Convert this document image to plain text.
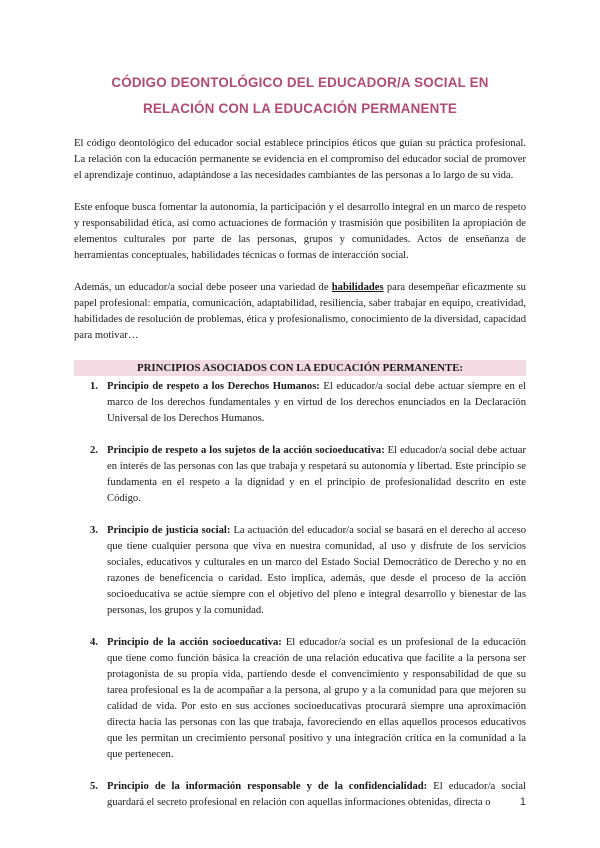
CÓDIGO DEONTOLÓGICO DEL EDUCADOR/A SOCIAL EN
RELACIÓN CON LA EDUCACIÓN PERMANENTE

El código deontológico del educador social establece principios éticos que guían su práctica profesional. La relación con la educación permanente se evidencia en el compromiso del educador social de promover el aprendizaje continuo, adaptándose a las necesidades cambiantes de las personas a lo largo de su vida.

Este enfoque busca fomentar la autonomía, la participación y el desarrollo integral en un marco de respeto y responsabilidad ética, así como actuaciones de formación y trasmisión que posibiliten la apropiación de elementos culturales por parte de las personas, grupos y comunidades. Actos de enseñanza de herramientas conceptuales, habilidades técnicas o formas de interacción social.

Además, un educador/a social debe poseer una variedad de habilidades para desempeñar eficazmente su papel profesional: empatía, comunicación, adaptabilidad, resiliencia, saber trabajar en equipo, creatividad, habilidades de resolución de problemas, ética y profesionalismo, conocimiento de la diversidad, capacidad para motivar…

PRINCIPIOS ASOCIADOS CON LA EDUCACIÓN PERMANENTE:
1. Principio de respeto a los Derechos Humanos: El educador/a social debe actuar siempre en el marco de los derechos fundamentales y en virtud de los derechos enunciados en la Declaración Universal de los Derechos Humanos.
2. Principio de respeto a los sujetos de la acción socioeducativa: El educador/a social debe actuar en interés de las personas con las que trabaja y respetará su autonomía y libertad. Este principio se fundamenta en el respeto a la dignidad y en el principio de profesionalidad descrito en este Código.
3. Principio de justicia social: La actuación del educador/a social se basará en el derecho al acceso que tiene cualquier persona que viva en nuestra comunidad, al uso y disfrute de los servicios sociales, educativos y culturales en un marco del Estado Social Democrático de Derecho y no en razones de beneficencia o caridad. Esto implica, además, que desde el proceso de la acción socioeducativa se actúe siempre con el objetivo del pleno e integral desarrollo y bienestar de las personas, los grupos y la comunidad.
4. Principio de la acción socioeducativa: El educador/a social es un profesional de la educación que tiene como función básica la creación de una relación educativa que facilite a la persona ser protagonista de su propia vida, partiendo desde el convencimiento y responsabilidad de que su tarea profesional es la de acompañar a la persona, al grupo y a la comunidad para que mejoren su calidad de vida. Por esto en sus acciones socioeducativas procurará siempre una aproximación directa hacia las personas con las que trabaja, favoreciendo en ellas aquellos procesos educativos que les permitan un crecimiento personal positivo y una integración crítica en la comunidad a la que pertenecen.
5. Principio de la información responsable y de la confidencialidad: El educador/a social guardará el secreto profesional en relación con aquellas informaciones obtenidas, directa o	1
